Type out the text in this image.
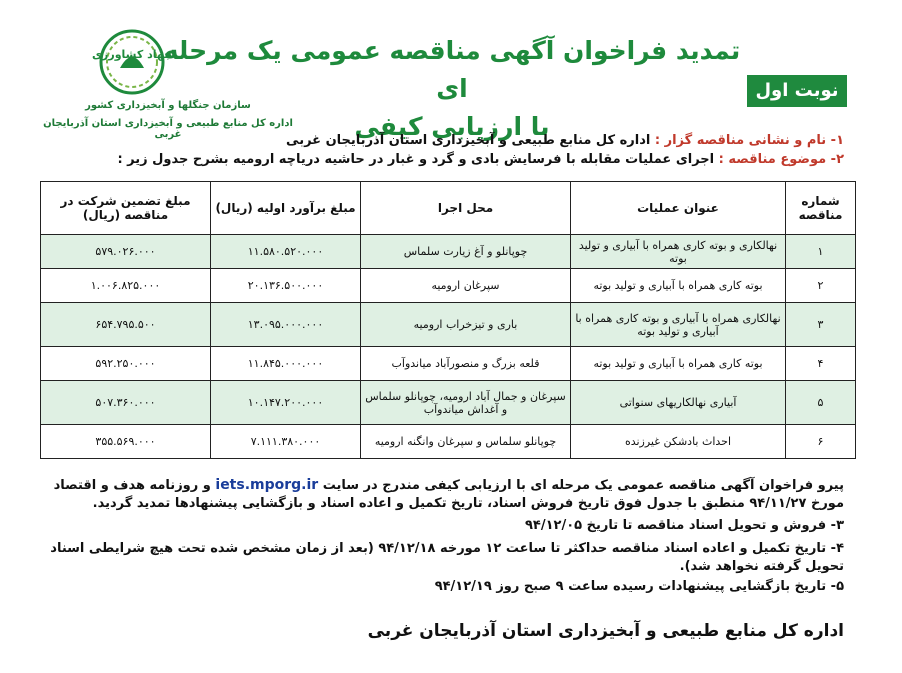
تمدید فراخوان آگهی مناقصه عمومی یک مرحله ای
با ارزیابی کیفی
نوبت اول
جهاد کشاورزی
سازمان جنگلها و آبخیزداری کشور
اداره کل منابع طبیعی و آبخیزداری استان آذربایجان غربی	۱- نام و نشانی مناقصه گزار : اداره کل منابع طبیعی و آبخیزداری استان آذربایجان غربی
۲- موضوع مناقصه : اجرای عملیات مقابله با فرسایش بادی و گرد و غبار در حاشیه دریاچه ارومیه بشرح جدول زیر :
شماره مناقصه	عنوان عملیات	محل اجرا	مبلغ برآورد اولیه (ریال)	مبلغ تضمین شرکت در مناقصه (ریال)
۱	نهالکاری و بوته کاری همراه با آبیاری و تولید بوته	چوپانلو و آغ زیارت سلماس	۱۱.۵۸۰.۵۲۰.۰۰۰	۵۷۹.۰۲۶.۰۰۰
۲	بوته کاری همراه با آبیاری و تولید بوته	سپرغان ارومیه	۲۰.۱۳۶.۵۰۰.۰۰۰	۱.۰۰۶.۸۲۵.۰۰۰
۳	نهالکاری همراه با آبیاری و بوته کاری همراه با آبیاری و تولید بوته	باری و تیزخراب ارومیه	۱۳.۰۹۵.۰۰۰.۰۰۰	۶۵۴.۷۹۵.۵۰۰
۴	بوته کاری همراه با آبیاری و تولید بوته	قلعه بزرگ و منصورآباد میاندوآب	۱۱.۸۴۵.۰۰۰.۰۰۰	۵۹۲.۲۵۰.۰۰۰
۵	آبیاری نهالکاریهای سنواتی	سپرغان و جمال آباد ارومیه، چوپانلو سلماس و آغداش میاندوآب	۱۰.۱۴۷.۲۰۰.۰۰۰	۵۰۷.۳۶۰.۰۰۰
۶	احداث بادشکن غیرزنده	چوپانلو سلماس و سپرغان وانگنه ارومیه	۷.۱۱۱.۳۸۰.۰۰۰	۳۵۵.۵۶۹.۰۰۰
پیرو فراخوان آگهی مناقصه عمومی یک مرحله ای با ارزیابی کیفی مندرج در سایت iets.mporg.ir و روزنامه هدف و اقتصاد مورخ ۹۴/۱۱/۲۷ منطبق با جدول فوق تاریخ فروش اسناد، تاریخ تکمیل و اعاده اسناد و بازگشایی پیشنهادها تمدید گردید.
۳- فروش و تحویل اسناد مناقصه تا تاریخ ۹۴/۱۲/۰۵
۴- تاریخ تکمیل و اعاده اسناد مناقصه حداکثر تا ساعت ۱۲ مورخه ۹۴/۱۲/۱۸ (بعد از زمان مشخص شده تحت هیچ شرایطی اسناد تحویل گرفته نخواهد شد).
۵- تاریخ بازگشایی پیشنهادات رسیده ساعت ۹ صبح روز ۹۴/۱۲/۱۹
اداره کل منابع طبیعی و آبخیزداری استان آذربایجان غربی
